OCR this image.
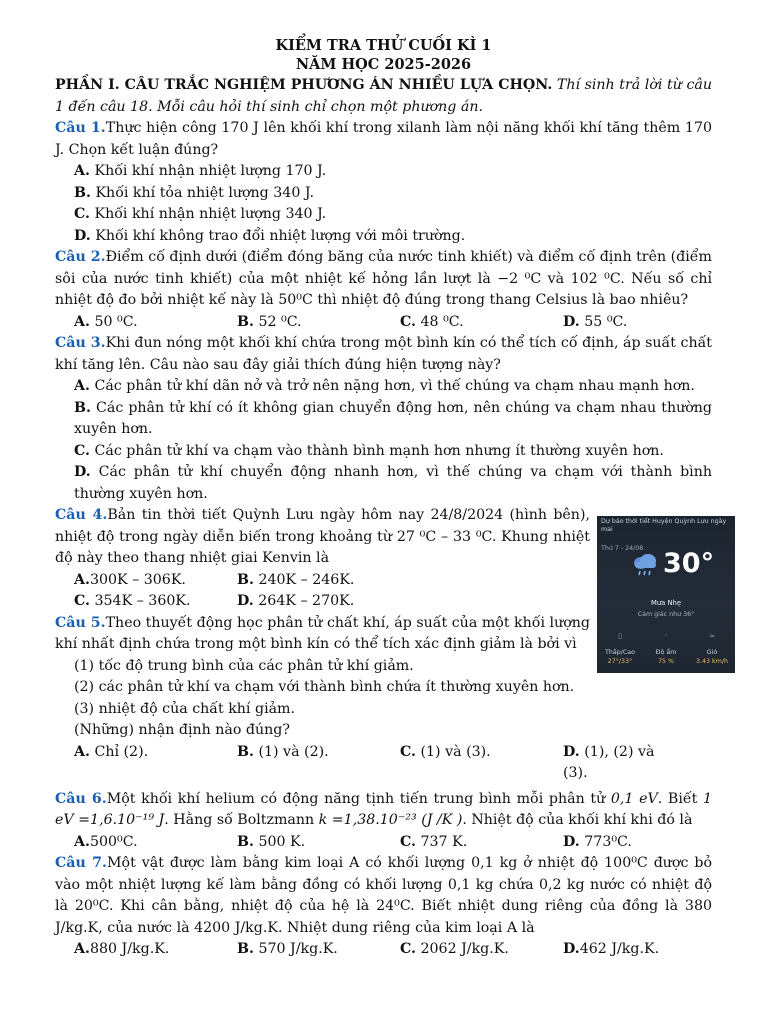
KIỂM TRA THỬ CUỐI KÌ 1
NĂM HỌC 2025-2026
PHẦN I. CÂU TRẮC NGHIỆM PHƯƠNG ÁN NHIỀU LỰA CHỌN. Thí sinh trả lời từ câu 1 đến câu 18. Mỗi câu hỏi thí sinh chỉ chọn một phương án.
Câu 1.Thực hiện công 170 J lên khối khí trong xilanh làm nội năng khối khí tăng thêm 170 J. Chọn kết luận đúng?
A. Khối khí nhận nhiệt lượng 170 J.
B. Khối khí tỏa nhiệt lượng 340 J.
C. Khối khí nhận nhiệt lượng 340 J.
D. Khối khí không trao đổi nhiệt lượng với môi trường.
Câu 2.Điểm cố định dưới (điểm đóng băng của nước tinh khiết) và điểm cố định trên (điểm sôi của nước tinh khiết) của một nhiệt kế hỏng lần lượt là −2 ⁰C và 102 ⁰C. Nếu số chỉ nhiệt độ đo bởi nhiệt kế này là 50⁰C thì nhiệt độ đúng trong thang Celsius là bao nhiêu?
A. 50 ⁰C.	B. 52 ⁰C.	C. 48 ⁰C.	D. 55 ⁰C.
Câu 3.Khi đun nóng một khối khí chứa trong một bình kín có thể tích cố định, áp suất chất khí tăng lên. Câu nào sau đây giải thích đúng hiện tượng này?
A. Các phân tử khí dãn nở và trở nên nặng hơn, vì thế chúng va chạm nhau mạnh hơn.
B. Các phân tử khí có ít không gian chuyển động hơn, nên chúng va chạm nhau thường xuyên hơn.
C. Các phân tử khí va chạm vào thành bình mạnh hơn nhưng ít thường xuyên hơn.
D. Các phân tử khí chuyển động nhanh hơn, vì thế chúng va chạm với thành bình thường xuyên hơn.
Câu 4.Bản tin thời tiết Quỳnh Lưu ngày hôm nay 24/8/2024 (hình bên), nhiệt độ trong ngày diễn biến trong khoảng từ 27 ⁰C – 33 ⁰C. Khung nhiệt độ này theo thang nhiệt giai Kenvin là
A.300K – 306K.	B. 240K – 246K.
C. 354K – 360K.	D. 264K – 270K.
Câu 5.Theo thuyết động học phân tử chất khí, áp suất của một khối lượng khí nhất định chứa trong một bình kín có thể tích xác định giảm là bởi vì
(1) tốc độ trung bình của các phân tử khí giảm.
(2) các phân tử khí va chạm với thành bình chứa ít thường xuyên hơn.
(3) nhiệt độ của chất khí giảm.
(Những) nhận định nào đúng?
A. Chỉ (2).	B. (1) và (2).	C. (1) và (3).	D. (1), (2) và (3).
Câu 6.Một khối khí helium có động năng tịnh tiến trung bình mỗi phân tử 0,1 eV. Biết 1 eV =1,6.10⁻¹⁹ J. Hằng số Boltzmann k =1,38.10⁻²³ (J /K ). Nhiệt độ của khối khí khi đó là
A.500⁰C.	B. 500 K.	C. 737 K.	D. 773⁰C.
Câu 7.Một vật được làm bằng kim loại A có khối lượng 0,1 kg ở nhiệt độ 100⁰C được bỏ vào một nhiệt lượng kế làm bằng đồng có khối lượng 0,1 kg chứa 0,2 kg nước có nhiệt độ là 20⁰C. Khi cân bằng, nhiệt độ của hệ là 24⁰C. Biết nhiệt dung riêng của đồng là 380 J/kg.K, của nước là 4200 J/kg.K. Nhiệt dung riêng của kim loại A là
A.880 J/kg.K.	B. 570 J/kg.K.	C. 2062 J/kg.K.	D.462 J/kg.K.
Dự báo thời tiết Huyện Quỳnh Lưu ngày mai
Thứ 7 - 24/08 30°
Mưa Nhẹ
Cảm giác như 36°
▯
Thấp/Cao
27°/33°
◦
Độ ẩm
75 %
≈
Gió
3.43 km/h
